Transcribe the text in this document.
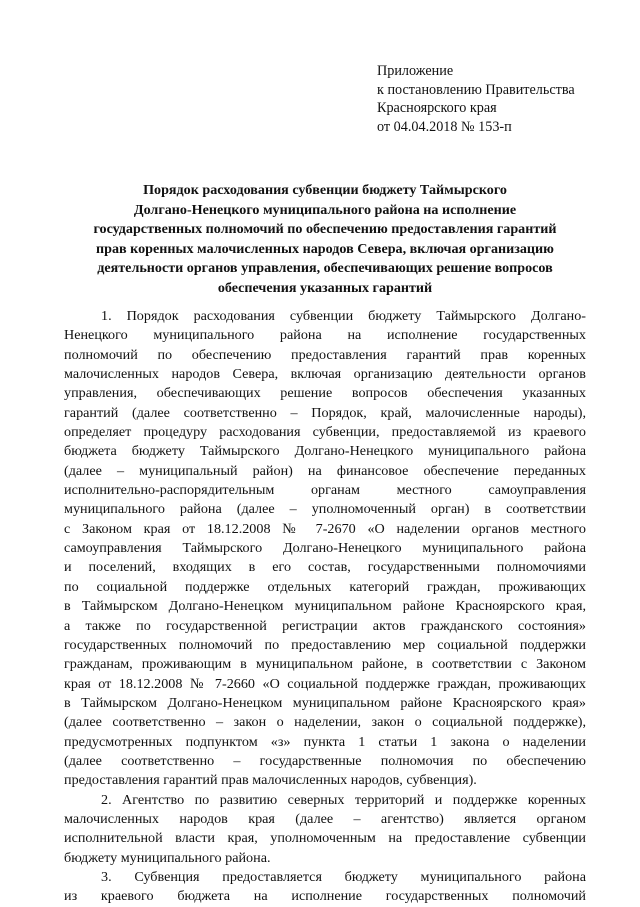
Приложение
к постановлению Правительства
Красноярского края
от 04.04.2018 № 153-п
Порядок расходования субвенции бюджету Таймырского
Долгано-Ненецкого муниципального района на исполнение
государственных полномочий по обеспечению предоставления гарантий
прав коренных малочисленных народов Севера, включая организацию
деятельности органов управления, обеспечивающих решение вопросов
обеспечения указанных гарантий
1. Порядок расходования субвенции бюджету Таймырского Долгано-
Ненецкого муниципального района на исполнение государственных
полномочий по обеспечению предоставления гарантий прав коренных
малочисленных народов Севера, включая организацию деятельности органов
управления, обеспечивающих решение вопросов обеспечения указанных
гарантий (далее соответственно – Порядок, край, малочисленные народы),
определяет процедуру расходования субвенции, предоставляемой из краевого
бюджета бюджету Таймырского Долгано-Ненецкого муниципального района
(далее – муниципальный район) на финансовое обеспечение переданных
исполнительно-распорядительным органам местного самоуправления
муниципального района (далее – уполномоченный орган) в соответствии
с Законом края от 18.12.2008 № 7-2670 «О наделении органов местного
самоуправления Таймырского Долгано-Ненецкого муниципального района
и поселений, входящих в его состав, государственными полномочиями
по социальной поддержке отдельных категорий граждан, проживающих
в Таймырском Долгано-Ненецком муниципальном районе Красноярского края,
а также по государственной регистрации актов гражданского состояния»
государственных полномочий по предоставлению мер социальной поддержки
гражданам, проживающим в муниципальном районе, в соответствии с Законом
края от 18.12.2008 № 7-2660 «О социальной поддержке граждан, проживающих
в Таймырском Долгано-Ненецком муниципальном районе Красноярского края»
(далее соответственно – закон о наделении, закон о социальной поддержке),
предусмотренных подпунктом «з» пункта 1 статьи 1 закона о наделении
(далее соответственно – государственные полномочия по обеспечению
предоставления гарантий прав малочисленных народов, субвенция).
2. Агентство по развитию северных территорий и поддержке коренных
малочисленных народов края (далее – агентство) является органом
исполнительной власти края, уполномоченным на предоставление субвенции
бюджету муниципального района.
3. Субвенция предоставляется бюджету муниципального района
из краевого бюджета на исполнение государственных полномочий
